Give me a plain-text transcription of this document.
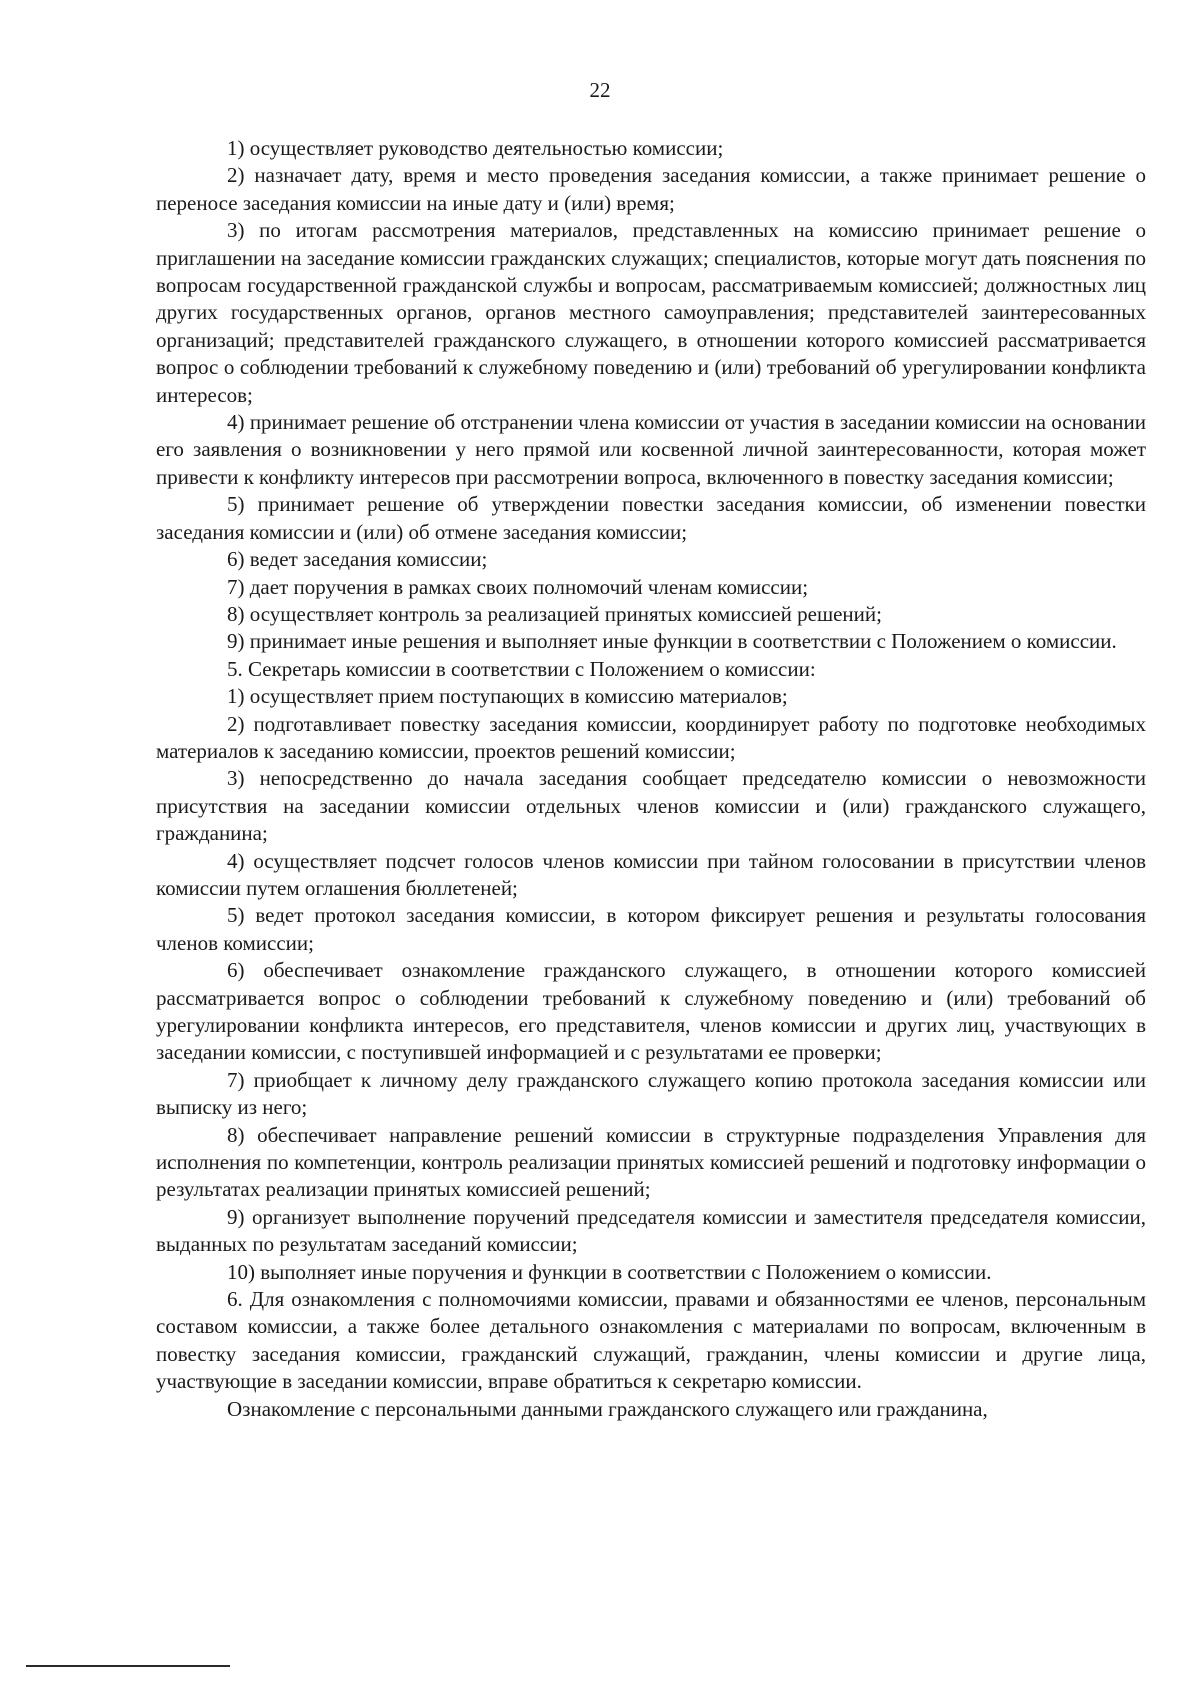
22

1) осуществляет руководство деятельностью комиссии;

2) назначает дату, время и место проведения заседания комиссии, а также принимает решение о переносе заседания комиссии на иные дату и (или) время;

3) по итогам рассмотрения материалов, представленных на комиссию принимает решение о приглашении на заседание комиссии гражданских служащих; специалистов, которые могут дать пояснения по вопросам государственной гражданской службы и вопросам, рассматриваемым комиссией; должностных лиц других государственных органов, органов местного самоуправления; представителей заинтересованных организаций; представителей гражданского служащего, в отношении которого комиссией рассматривается вопрос о соблюдении требований к служебному поведению и (или) требований об урегулировании конфликта интересов;

4) принимает решение об отстранении члена комиссии от участия в заседании комиссии на основании его заявления о возникновении у него прямой или косвенной личной заинтересованности, которая может привести к конфликту интересов при рассмотрении вопроса, включенного в повестку заседания комиссии;

5) принимает решение об утверждении повестки заседания комиссии, об изменении повестки заседания комиссии и (или) об отмене заседания комиссии;

6) ведет заседания комиссии;

7) дает поручения в рамках своих полномочий членам комиссии;

8) осуществляет контроль за реализацией принятых комиссией решений;

9) принимает иные решения и выполняет иные функции в соответствии с Положением о комиссии.

5. Секретарь комиссии в соответствии с Положением о комиссии:

1) осуществляет прием поступающих в комиссию материалов;

2) подготавливает повестку заседания комиссии, координирует работу по подготовке необходимых материалов к заседанию комиссии, проектов решений комиссии;

3) непосредственно до начала заседания сообщает председателю комиссии о невозможности присутствия на заседании комиссии отдельных членов комиссии и (или) гражданского служащего, гражданина;

4) осуществляет подсчет голосов членов комиссии при тайном голосовании в присутствии членов комиссии путем оглашения бюллетеней;

5) ведет протокол заседания комиссии, в котором фиксирует решения и результаты голосования членов комиссии;

6) обеспечивает ознакомление гражданского служащего, в отношении которого комиссией рассматривается вопрос о соблюдении требований к служебному поведению и (или) требований об урегулировании конфликта интересов, его представителя, членов комиссии и других лиц, участвующих в заседании комиссии, с поступившей информацией и с результатами ее проверки;

7) приобщает к личному делу гражданского служащего копию протокола заседания комиссии или выписку из него;

8) обеспечивает направление решений комиссии в структурные подразделения Управления для исполнения по компетенции, контроль реализации принятых комиссией решений и подготовку информации о результатах реализации принятых комиссией решений;

9) организует выполнение поручений председателя комиссии и заместителя председателя комиссии, выданных по результатам заседаний комиссии;

10) выполняет иные поручения и функции в соответствии с Положением о комиссии.

6. Для ознакомления с полномочиями комиссии, правами и обязанностями ее членов, персональным составом комиссии, а также более детального ознакомления с материалами по вопросам, включенным в повестку заседания комиссии, гражданский служащий, гражданин, члены комиссии и другие лица, участвующие в заседании комиссии, вправе обратиться к секретарю комиссии.

Ознакомление с персональными данными гражданского служащего или гражданина,
